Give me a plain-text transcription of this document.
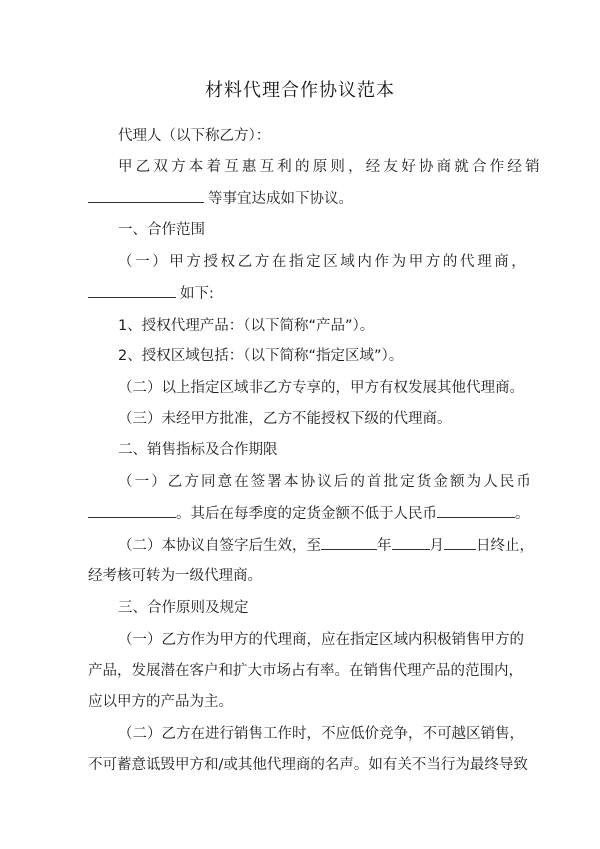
材料代理合作协议范本
代理人（以下称乙方）：
甲乙双方本着互惠互利的原则，经友好协商就合作经销
等事宜达成如下协议。
一、合作范围
（一）甲方授权乙方在指定区域内作为甲方的代理商，
如下:
1、授权代理产品：（以下简称“产品”）。
2、授权区域包括：（以下简称“指定区域”）。
（二）以上指定区域非乙方专享的，甲方有权发展其他代理商。
（三）未经甲方批准，乙方不能授权下级的代理商。
二、销售指标及合作期限
（一）乙方同意在签署本协议后的首批定货金额为人民币
。其后在每季度的定货金额不低于人民币	。
（二）本协议自签字后生效，至	年	月 日终止，
经考核可转为一级代理商。
三、合作原则及规定
（一）乙方作为甲方的代理商，应在指定区域内积极销售甲方的
产品，发展潜在客户和扩大市场占有率。在销售代理产品的范围内，
应以甲方的产品为主。
（二）乙方在进行销售工作时，不应低价竞争，不可越区销售，
不可蓄意诋毁甲方和/或其他代理商的名声。如有关不当行为最终导致
